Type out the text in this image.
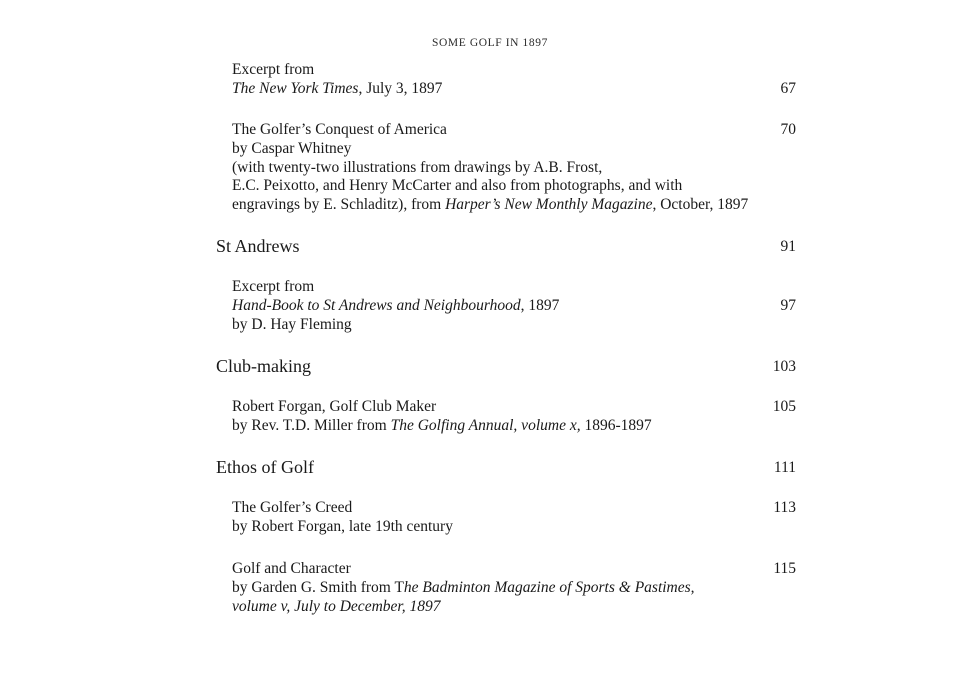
SOME GOLF IN 1897
Excerpt from
The New York Times, July 3, 1897	67
The Golfer’s Conquest of America	70
by Caspar Whitney
(with twenty-two illustrations from drawings by A.B. Frost,
E.C. Peixotto, and Henry McCarter and also from photographs, and with
engravings by E. Schladitz), from Harper’s New Monthly Magazine, October, 1897
St Andrews	91
Excerpt from
Hand-Book to St Andrews and Neighbourhood, 1897	97
by D. Hay Fleming
Club-making	103
Robert Forgan, Golf Club Maker	105
by Rev. T.D. Miller from The Golfing Annual, volume x, 1896-1897
Ethos of Golf	111
The Golfer’s Creed	113
by Robert Forgan, late 19th century
Golf and Character	115
by Garden G. Smith from The Badminton Magazine of Sports & Pastimes,
volume v, July to December, 1897
